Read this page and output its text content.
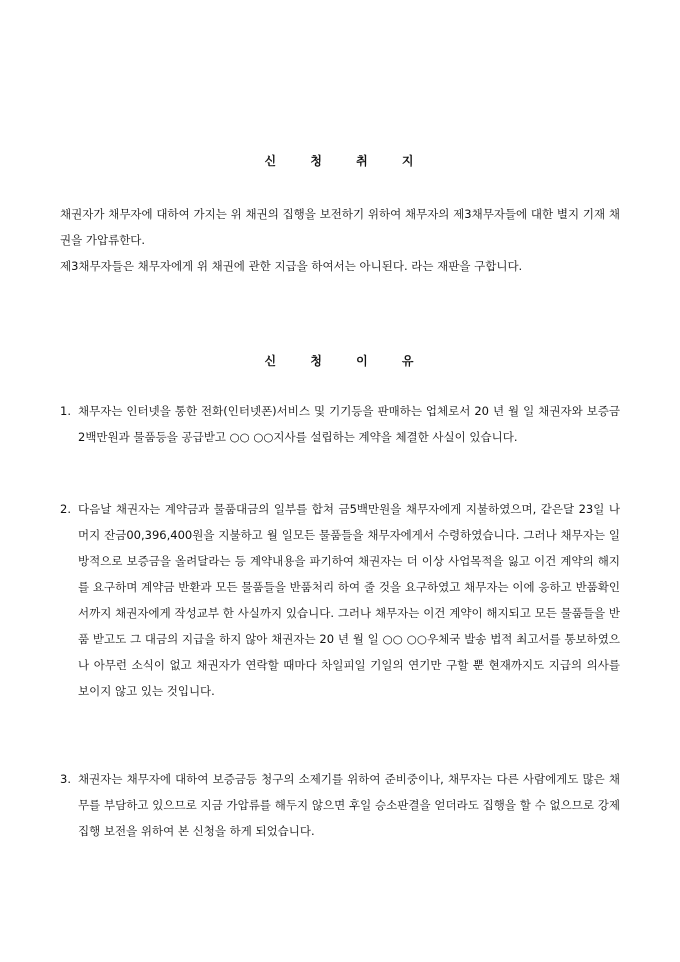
신 청 취 지

채권자가 채무자에 대하여 가지는 위 채권의 집행을 보전하기 위하여 채무자의 제3채무자들에 대한 별지 기재 채권을 가압류한다.

제3채무자들은 채무자에게 위 채권에 관한 지급을 하여서는 아니된다. 라는 재판을 구합니다.

신 청 이 유
1. 채무자는 인터넷을 통한 전화(인터넷폰)서비스 및 기기등을 판매하는 업체로서 20 년 월 일 채권자와 보증금2백만원과 물품등을 공급받고 ○○ ○○지사를 설립하는 계약을 체결한 사실이 있습니다.
2. 다음날 채권자는 계약금과 물품대금의 일부를 합쳐 금5백만원을 채무자에게 지불하였으며, 같은달 23일 나머지 잔금00,396,400원을 지불하고 월 일모든 물품들을 채무자에게서 수령하였습니다. 그러나 채무자는 일방적으로 보증금을 올려달라는 등 계약내용을 파기하여 채권자는 더 이상 사업목적을 잃고 이건 계약의 해지를 요구하며 계약금 반환과 모든 물품들을 반품처리 하여 줄 것을 요구하였고 채무자는 이에 응하고 반품확인서까지 채권자에게 작성교부 한 사실까지 있습니다. 그러나 채무자는 이건 계약이 해지되고 모든 물품들을 반품 받고도 그 대금의 지급을 하지 않아 채권자는 20 년 월 일 ○○ ○○우체국 발송 법적 최고서를 통보하였으나 아무런 소식이 없고 채권자가 연락할 때마다 차일피일 기일의 연기만 구할 뿐 현재까지도 지급의 의사를 보이지 않고 있는 것입니다.
3. 채권자는 채무자에 대하여 보증금등 청구의 소제기를 위하여 준비중이나, 채무자는 다른 사람에게도 많은 채무를 부담하고 있으므로 지금 가압류를 해두지 않으면 후일 승소판결을 얻더라도 집행을 할 수 없으므로 강제집행 보전을 위하여 본 신청을 하게 되었습니다.
